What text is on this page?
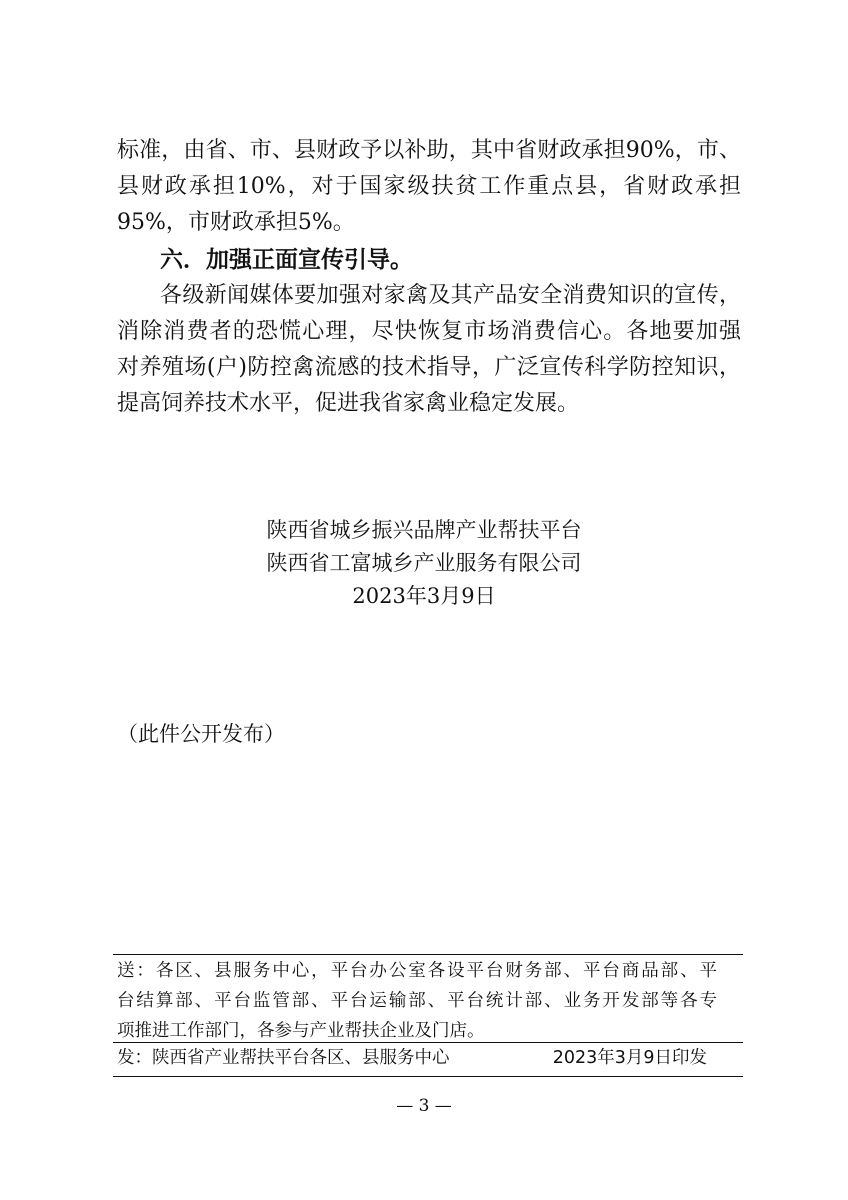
标准，由省、市、县财政予以补助，其中省财政承担90%，市、
县财政承担10%，对于国家级扶贫工作重点县，省财政承担
95%，市财政承担5%。
六．加强正面宣传引导。
各级新闻媒体要加强对家禽及其产品安全消费知识的宣传，
消除消费者的恐慌心理，尽快恢复市场消费信心。各地要加强
对养殖场(户)防控禽流感的技术指导，广泛宣传科学防控知识，
提高饲养技术水平，促进我省家禽业稳定发展。
陕西省城乡振兴品牌产业帮扶平台
陕西省工富城乡产业服务有限公司
2023年3月9日
（此件公开发布）
送：各区、县服务中心，平台办公室各设平台财务部、平台商品部、平
台结算部、平台监管部、平台运输部、平台统计部、业务开发部等各专
项推进工作部门，各参与产业帮扶企业及门店。
发：陕西省产业帮扶平台各区、县服务中心	2023年3月9日印发
— 3 —
